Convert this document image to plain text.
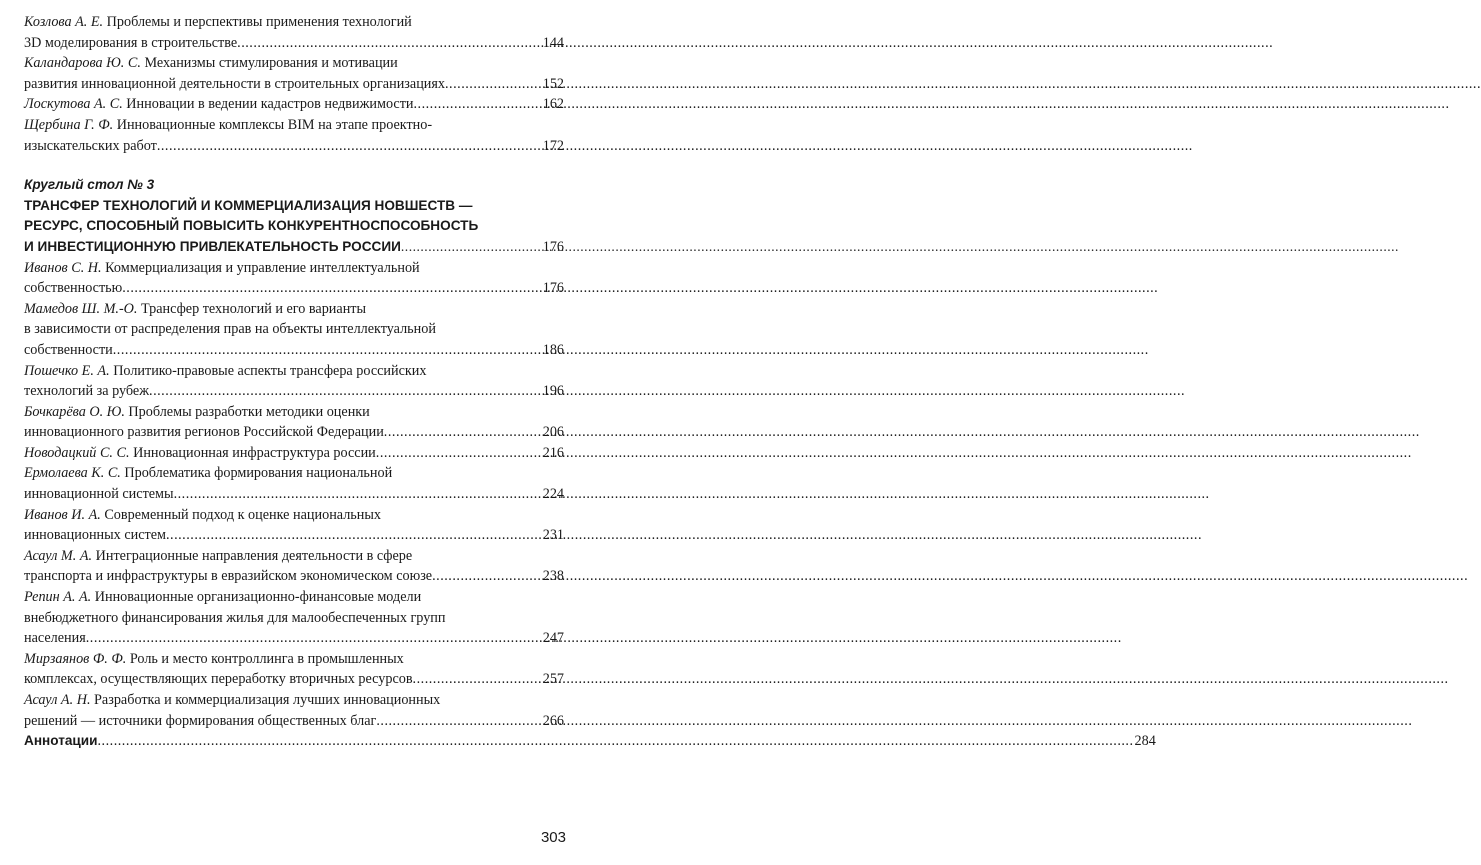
Козлова А. Е. Проблемы и перспективы применения технологий
3D моделирования в строительстве .....	144
Каландарова Ю. С. Механизмы стимулирования и мотивации
развития инновационной деятельности в строительных организациях .....	152
Лоскутова А. С. Инновации в ведении кадастров недвижимости .....	162
Щербина Г. Ф. Инновационные комплексы BIM на этапе проектно-
изыскательских работ .....	172
Круглый стол № 3
ТРАНСФЕР ТЕХНОЛОГИЙ И КОММЕРЦИАЛИЗАЦИЯ НОВШЕСТВ —
РЕСУРС, СПОСОБНЫЙ ПОВЫСИТЬ КОНКУРЕНТНОСПОСОБНОСТЬ
И ИНВЕСТИЦИОННУЮ ПРИВЛЕКАТЕЛЬНОСТЬ РОССИИ .....	176
Иванов С. Н. Коммерциализация и управление интеллектуальной
собственностью .....	176
Мамедов Ш. М.-О. Трансфер технологий и его варианты
в зависимости от распределения прав на объекты интеллектуальной
собственности .....	186
Пошечко Е. А. Политико-правовые аспекты трансфера российских
технологий за рубеж .....	196
Бочкарёва О. Ю. Проблемы разработки методики оценки
инновационного развития регионов Российской Федерации .....	206
Новодацкий С. С. Инновационная инфраструктура россии .....	216
Ермолаева К. С. Проблематика формирования национальной
инновационной системы .....	224
Иванов И. А. Современный подход к оценке национальных
инновационных систем .....	231
Асаул М. А. Интеграционные направления деятельности в сфере
транспорта и инфраструктуры в евразийском экономическом союзе .....	238
Репин А. А. Инновационные организационно-финансовые модели
внебюджетного финансирования жилья для малообеспеченных групп
населения .....	247
Мирзаянов Ф. Ф. Роль и место контроллинга в промышленных
комплексах, осуществляющих переработку вторичных ресурсов .....	257
Асаул А. Н. Разработка и коммерциализация лучших инновационных
решений — источники формирования общественных благ .....	266
Аннотации .....	284
303
